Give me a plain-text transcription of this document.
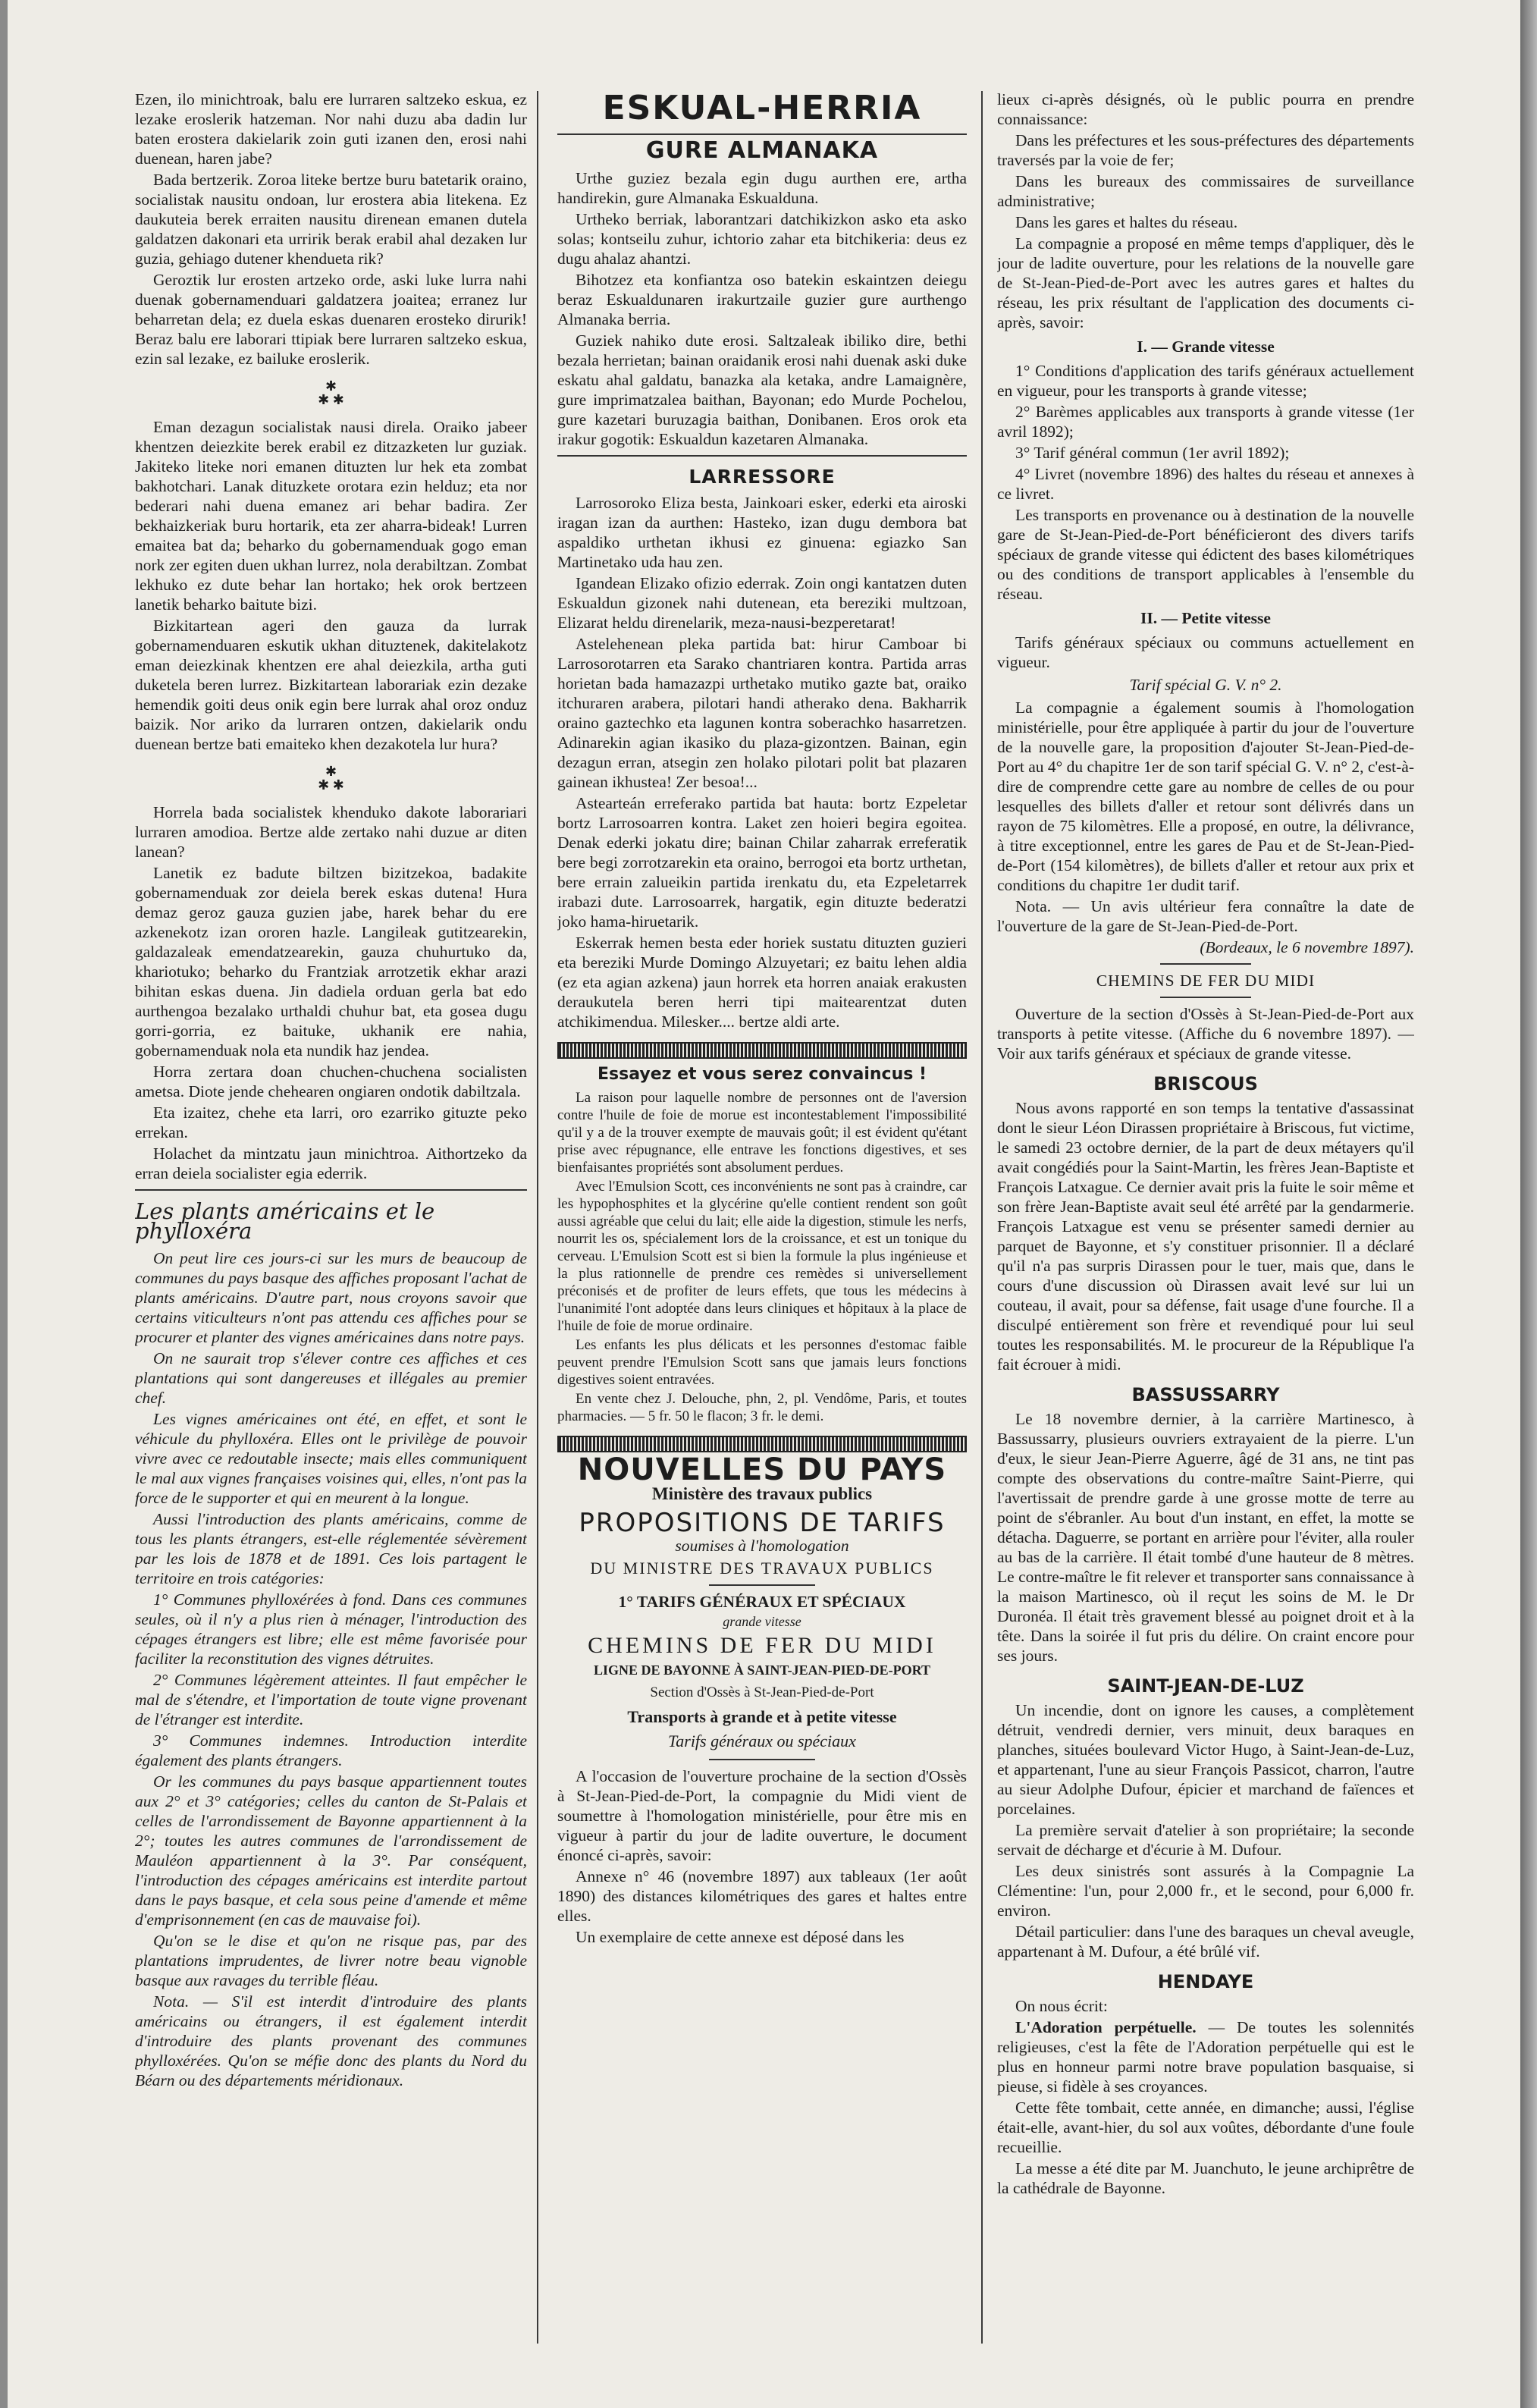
Ezen, ilo minichtroak, balu ere lurraren saltzeko eskua, ez lezake eroslerik hatzeman. Nor nahi duzu aba dadin lur baten erostera dakielarik zoin guti izanen den, erosi nahi duenean, haren jabe?

Bada bertzerik. Zoroa liteke bertze buru batetarik oraino, socialistak nausitu ondoan, lur erostera abia litekena. Ez daukuteia berek erraiten nausitu direnean emanen dutela galdatzen dakonari eta urririk berak erabil ahal dezaken lur guzia, gehiago dutener khendueta rik?

Geroztik lur erosten artzeko orde, aski luke lurra nahi duenak gobernamenduari galdatzera joaitea; erranez lur beharretan dela; ez duela eskas duenaren erosteko dirurik! Beraz balu ere laborari ttipiak bere lurraren saltzeko eskua, ezin sal lezake, ez bailuke eroslerik.

✱
✱ ✱

Eman dezagun socialistak nausi direla. Oraiko jabeer khentzen deiezkite berek erabil ez ditzazketen lur guziak. Jakiteko liteke nori emanen dituzten lur hek eta zombat bakhotchari. Lanak dituzkete orotara ezin helduz; eta nor bederari nahi duena emanez ari behar badira. Zer bekhaizkeriak buru hortarik, eta zer aharra-bideak! Lurren emaitea bat da; beharko du gobernamenduak gogo eman nork zer egiten duen ukhan lurrez, nola derabiltzan. Zombat lekhuko ez dute behar lan hortako; hek orok bertzeen lanetik beharko baitute bizi.

Bizkitartean ageri den gauza da lurrak gobernamenduaren eskutik ukhan dituztenek, dakitelakotz eman deiezkinak khentzen ere ahal deiezkila, artha guti duketela beren lurrez. Bizkitartean laborariak ezin dezake hemendik goiti deus onik egin bere lurrak ahal oroz onduz baizik. Nor ariko da lurraren ontzen, dakielarik ondu duenean bertze bati emaiteko khen dezakotela lur hura?

✱
✱ ✱

Horrela bada socialistek khenduko dakote laborariari lurraren amodioa. Bertze alde zertako nahi duzue ar diten lanean?

Lanetik ez badute biltzen bizitzekoa, badakite gobernamenduak zor deiela berek eskas dutena! Hura demaz geroz gauza guzien jabe, harek behar du ere azkenekotz izan ororen hazle. Langileak gutitzearekin, galdazaleak emendatzearekin, gauza chuhurtuko da, khariotuko; beharko du Frantziak arrotzetik ekhar arazi bihitan eskas duena. Jin dadiela orduan gerla bat edo aurthengoa bezalako urthaldi chuhur bat, eta gosea dugu gorri-gorria, ez baituke, ukhanik ere nahia, gobernamenduak nola eta nundik haz jendea.

Horra zertara doan chuchen-chuchena socialisten ametsa. Diote jende chehearen ongiaren ondotik dabiltzala.

Eta izaitez, chehe eta larri, oro ezarriko gituzte peko errekan.

Holachet da mintzatu jaun minichtroa. Aithortzeko da erran deiela socialister egia ederrik.

Les plants américains et le phylloxéra

On peut lire ces jours-ci sur les murs de beaucoup de communes du pays basque des affiches proposant l'achat de plants américains. D'autre part, nous croyons savoir que certains viticulteurs n'ont pas attendu ces affiches pour se procurer et planter des vignes américaines dans notre pays.

On ne saurait trop s'élever contre ces affiches et ces plantations qui sont dangereuses et illégales au premier chef.

Les vignes américaines ont été, en effet, et sont le véhicule du phylloxéra. Elles ont le privilège de pouvoir vivre avec ce redoutable insecte; mais elles communiquent le mal aux vignes françaises voisines qui, elles, n'ont pas la force de le supporter et qui en meurent à la longue.

Aussi l'introduction des plants américains, comme de tous les plants étrangers, est-elle réglementée sévèrement par les lois de 1878 et de 1891. Ces lois partagent le territoire en trois catégories:

1° Communes phylloxérées à fond. Dans ces communes seules, où il n'y a plus rien à ménager, l'introduction des cépages étrangers est libre; elle est même favorisée pour faciliter la reconstitution des vignes détruites.

2° Communes légèrement atteintes. Il faut empêcher le mal de s'étendre, et l'importation de toute vigne provenant de l'étranger est interdite.

3° Communes indemnes. Introduction interdite également des plants étrangers.

Or les communes du pays basque appartiennent toutes aux 2° et 3° catégories; celles du canton de St-Palais et celles de l'arrondissement de Bayonne appartiennent à la 2°; toutes les autres communes de l'arrondissement de Mauléon appartiennent à la 3°. Par conséquent, l'introduction des cépages américains est interdite partout dans le pays basque, et cela sous peine d'amende et même d'emprisonnement (en cas de mauvaise foi).

Qu'on se le dise et qu'on ne risque pas, par des plantations imprudentes, de livrer notre beau vignoble basque aux ravages du terrible fléau.

Nota. — S'il est interdit d'introduire des plants américains ou étrangers, il est également interdit d'introduire des plants provenant des communes phylloxérées. Qu'on se méfie donc des plants du Nord du Béarn ou des départements méridionaux.

ESKUAL-HERRIA
GURE ALMANAKA

Urthe guziez bezala egin dugu aurthen ere, artha handirekin, gure Almanaka Eskualduna.

Urtheko berriak, laborantzari datchikizkon asko eta asko solas; kontseilu zuhur, ichtorio zahar eta bitchikeria: deus ez dugu ahalaz ahantzi.

Bihotzez eta konfiantza oso batekin eskaintzen deiegu beraz Eskualdunaren irakurtzaile guzier gure aurthengo Almanaka berria.

Guziek nahiko dute erosi. Saltzaleak ibiliko dire, bethi bezala herrietan; bainan oraidanik erosi nahi duenak aski duke eskatu ahal galdatu, banazka ala ketaka, andre Lamaignère, gure imprimatzalea baithan, Bayonan; edo Murde Pochelou, gure kazetari buruzagia baithan, Donibanen. Eros orok eta irakur gogotik: Eskualdun kazetaren Almanaka.

LARRESSORE

Larrosoroko Eliza besta, Jainkoari esker, ederki eta airoski iragan izan da aurthen: Hasteko, izan dugu dembora bat aspaldiko urthetan ikhusi ez ginuena: egiazko San Martinetako uda hau zen.

Igandean Elizako ofizio ederrak. Zoin ongi kantatzen duten Eskualdun gizonek nahi dutenean, eta bereziki multzoan, Elizarat heldu direnelarik, meza-nausi-bezperetarat!

Astelehenean pleka partida bat: hirur Camboar bi Larrosorotarren eta Sarako chantriaren kontra. Partida arras horietan bada hamazazpi urthetako mutiko gazte bat, oraiko itchuraren arabera, pilotari handi atherako dena. Bakharrik oraino gaztechko eta lagunen kontra soberachko hasarretzen. Adinarekin agian ikasiko du plaza-gizontzen. Bainan, egin dezagun erran, atsegin zen holako pilotari polit bat plazaren gainean ikhustea! Zer besoa!...

Astearteán erreferako partida bat hauta: bortz Ezpeletar bortz Larrosoarren kontra. Laket zen hoieri begira egoitea. Denak ederki jokatu dire; bainan Chilar zaharrak erreferatik bere begi zorrotzarekin eta oraino, berrogoi eta bortz urthetan, bere errain zalueikin partida irenkatu du, eta Ezpeletarrek irabazi dute. Larrosoarrek, hargatik, egin dituzte bederatzi joko hama-hiruetarik.

Eskerrak hemen besta eder horiek sustatu dituzten guzieri eta bereziki Murde Domingo Alzuyetari; ez baitu lehen aldia (ez eta agian azkena) jaun horrek eta horren anaiak erakusten deraukutela beren herri tipi maitearentzat duten atchikimendua. Milesker.... bertze aldi arte.

Essayez et vous serez convaincus !

La raison pour laquelle nombre de personnes ont de l'aversion contre l'huile de foie de morue est incontestablement l'impossibilité qu'il y a de la trouver exempte de mauvais goût; il est évident qu'étant prise avec répugnance, elle entrave les fonctions digestives, et ses bienfaisantes propriétés sont absolument perdues.

Avec l'Emulsion Scott, ces inconvénients ne sont pas à craindre, car les hypophosphites et la glycérine qu'elle contient rendent son goût aussi agréable que celui du lait; elle aide la digestion, stimule les nerfs, nourrit les os, spécialement lors de la croissance, et est un tonique du cerveau. L'Emulsion Scott est si bien la formule la plus ingénieuse et la plus rationnelle de prendre ces remèdes si universellement préconisés et de profiter de leurs effets, que tous les médecins à l'unanimité l'ont adoptée dans leurs cliniques et hôpitaux à la place de l'huile de foie de morue ordinaire.

Les enfants les plus délicats et les personnes d'estomac faible peuvent prendre l'Emulsion Scott sans que jamais leurs fonctions digestives soient entravées.

En vente chez J. Delouche, phn, 2, pl. Vendôme, Paris, et toutes pharmacies. — 5 fr. 50 le flacon; 3 fr. le demi.

NOUVELLES DU PAYS
Ministère des travaux publics
PROPOSITIONS DE TARIFS
soumises à l'homologation
DU MINISTRE DES TRAVAUX PUBLICS
1° TARIFS GÉNÉRAUX ET SPÉCIAUX
grande vitesse
CHEMINS DE FER DU MIDI
LIGNE DE BAYONNE À SAINT-JEAN-PIED-DE-PORT
Section d'Ossès à St-Jean-Pied-de-Port
Transports à grande et à petite vitesse
Tarifs généraux ou spéciaux

A l'occasion de l'ouverture prochaine de la section d'Ossès à St-Jean-Pied-de-Port, la compagnie du Midi vient de soumettre à l'homologation ministérielle, pour être mis en vigueur à partir du jour de ladite ouverture, le document énoncé ci-après, savoir:

Annexe n° 46 (novembre 1897) aux tableaux (1er août 1890) des distances kilométriques des gares et haltes entre elles.

Un exemplaire de cette annexe est déposé dans les

lieux ci-après désignés, où le public pourra en prendre connaissance:

Dans les préfectures et les sous-préfectures des départements traversés par la voie de fer;

Dans les bureaux des commissaires de surveillance administrative;

Dans les gares et haltes du réseau.

La compagnie a proposé en même temps d'appliquer, dès le jour de ladite ouverture, pour les relations de la nouvelle gare de St-Jean-Pied-de-Port avec les autres gares et haltes du réseau, les prix résultant de l'application des documents ci-après, savoir:

I. — Grande vitesse

1° Conditions d'application des tarifs généraux actuellement en vigueur, pour les transports à grande vitesse;

2° Barèmes applicables aux transports à grande vitesse (1er avril 1892);

3° Tarif général commun (1er avril 1892);

4° Livret (novembre 1896) des haltes du réseau et annexes à ce livret.

Les transports en provenance ou à destination de la nouvelle gare de St-Jean-Pied-de-Port bénéficieront des divers tarifs spéciaux de grande vitesse qui édictent des bases kilométriques ou des conditions de transport applicables à l'ensemble du réseau.

II. — Petite vitesse

Tarifs généraux spéciaux ou communs actuellement en vigueur.

Tarif spécial G. V. n° 2.

La compagnie a également soumis à l'homologation ministérielle, pour être appliquée à partir du jour de l'ouverture de la nouvelle gare, la proposition d'ajouter St-Jean-Pied-de-Port au 4° du chapitre 1er de son tarif spécial G. V. n° 2, c'est-à-dire de comprendre cette gare au nombre de celles de ou pour lesquelles des billets d'aller et retour sont délivrés dans un rayon de 75 kilomètres. Elle a proposé, en outre, la délivrance, à titre exceptionnel, entre les gares de Pau et de St-Jean-Pied-de-Port (154 kilomètres), de billets d'aller et retour aux prix et conditions du chapitre 1er dudit tarif.

Nota. — Un avis ultérieur fera connaître la date de l'ouverture de la gare de St-Jean-Pied-de-Port.

(Bordeaux, le 6 novembre 1897).
CHEMINS DE FER DU MIDI

Ouverture de la section d'Ossès à St-Jean-Pied-de-Port aux transports à petite vitesse. (Affiche du 6 novembre 1897). — Voir aux tarifs généraux et spéciaux de grande vitesse.

BRISCOUS

Nous avons rapporté en son temps la tentative d'assassinat dont le sieur Léon Dirassen propriétaire à Briscous, fut victime, le samedi 23 octobre dernier, de la part de deux métayers qu'il avait congédiés pour la Saint-Martin, les frères Jean-Baptiste et François Latxague. Ce dernier avait pris la fuite le soir même et son frère Jean-Baptiste avait seul été arrêté par la gendarmerie. François Latxague est venu se présenter samedi dernier au parquet de Bayonne, et s'y constituer prisonnier. Il a déclaré qu'il n'a pas surpris Dirassen pour le tuer, mais que, dans le cours d'une discussion où Dirassen avait levé sur lui un couteau, il avait, pour sa défense, fait usage d'une fourche. Il a disculpé entièrement son frère et revendiqué pour lui seul toutes les responsabilités. M. le procureur de la République l'a fait écrouer à midi.

BASSUSSARRY

Le 18 novembre dernier, à la carrière Martinesco, à Bassussarry, plusieurs ouvriers extrayaient de la pierre. L'un d'eux, le sieur Jean-Pierre Aguerre, âgé de 31 ans, ne tint pas compte des observations du contre-maître Saint-Pierre, qui l'avertissait de prendre garde à une grosse motte de terre au point de s'ébranler. Au bout d'un instant, en effet, la motte se détacha. Daguerre, se portant en arrière pour l'éviter, alla rouler au bas de la carrière. Il était tombé d'une hauteur de 8 mètres. Le contre-maître le fit relever et transporter sans connaissance à la maison Martinesco, où il reçut les soins de M. le Dr Duronéa. Il était très gravement blessé au poignet droit et à la tête. Dans la soirée il fut pris du délire. On craint encore pour ses jours.

SAINT-JEAN-DE-LUZ

Un incendie, dont on ignore les causes, a complètement détruit, vendredi dernier, vers minuit, deux baraques en planches, situées boulevard Victor Hugo, à Saint-Jean-de-Luz, et appartenant, l'une au sieur François Passicot, charron, l'autre au sieur Adolphe Dufour, épicier et marchand de faïences et porcelaines.

La première servait d'atelier à son propriétaire; la seconde servait de décharge et d'écurie à M. Dufour.

Les deux sinistrés sont assurés à la Compagnie La Clémentine: l'un, pour 2,000 fr., et le second, pour 6,000 fr. environ.

Détail particulier: dans l'une des baraques un cheval aveugle, appartenant à M. Dufour, a été brûlé vif.

HENDAYE

On nous écrit:

L'Adoration perpétuelle. — De toutes les solennités religieuses, c'est la fête de l'Adoration perpétuelle qui est le plus en honneur parmi notre brave population basquaise, si pieuse, si fidèle à ses croyances.

Cette fête tombait, cette année, en dimanche; aussi, l'église était-elle, avant-hier, du sol aux voûtes, débordante d'une foule recueillie.

La messe a été dite par M. Juanchuto, le jeune archiprêtre de la cathédrale de Bayonne.
